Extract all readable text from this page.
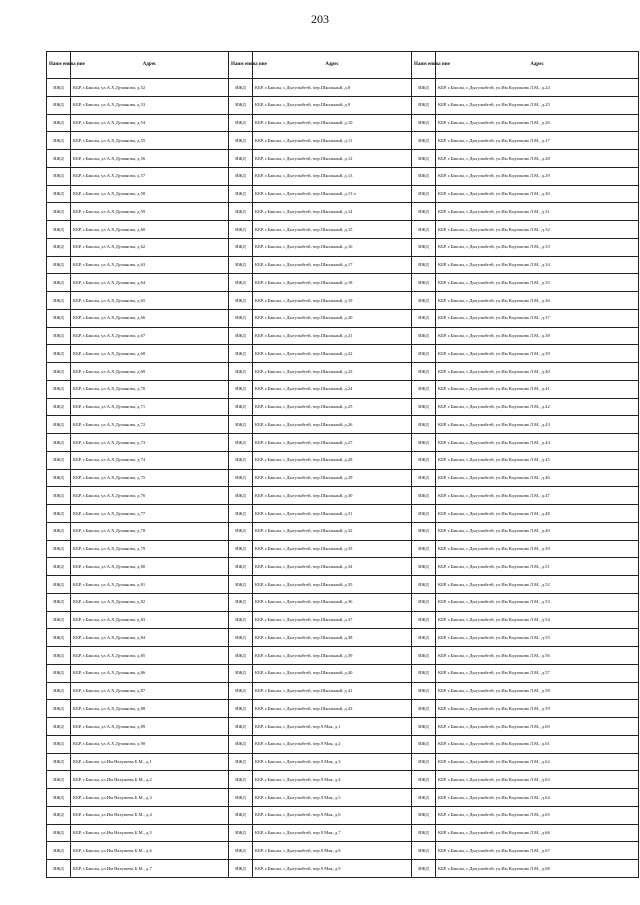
203
Наим енова ние	Адрес	Наим енова ние	Адрес	Наим енова ние	Адрес
ИЖД	КБР, г.Баксан, ул.А.Х.Думанова, д.52	ИЖД	КБР, г.Баксан, с.Дыгулыбгей, пер.Школьный, д.8	ИЖД	КБР, г.Баксан, с.Дыгулыбгей, ул.Им Кодзокова Л.М., д.24
ИЖД	КБР, г.Баксан, ул.А.Х.Думанова, д.53	ИЖД	КБР, г.Баксан, с.Дыгулыбгей, пер.Школьный, д.9	ИЖД	КБР, г.Баксан, с.Дыгулыбгей, ул.Им Кодзокова Л.М., д.25
ИЖД	КБР, г.Баксан, ул.А.Х.Думанова, д.54	ИЖД	КБР, г.Баксан, с.Дыгулыбгей, пер.Школьный, д.10	ИЖД	КБР, г.Баксан, с.Дыгулыбгей, ул.Им Кодзокова Л.М., д.26
ИЖД	КБР, г.Баксан, ул.А.Х.Думанова, д.55	ИЖД	КБР, г.Баксан, с.Дыгулыбгей, пер.Школьный, д.11	ИЖД	КБР, г.Баксан, с.Дыгулыбгей, ул.Им Кодзокова Л.М., д.27
ИЖД	КБР, г.Баксан, ул.А.Х.Думанова, д.56	ИЖД	КБР, г.Баксан, с.Дыгулыбгей, пер.Школьный, д.12	ИЖД	КБР, г.Баксан, с.Дыгулыбгей, ул.Им Кодзокова Л.М., д.28
ИЖД	КБР, г.Баксан, ул.А.Х.Думанова, д.57	ИЖД	КБР, г.Баксан, с.Дыгулыбгей, пер.Школьный, д.13	ИЖД	КБР, г.Баксан, с.Дыгулыбгей, ул.Им Кодзокова Л.М., д.29
ИЖД	КБР, г.Баксан, ул.А.Х.Думанова, д.58	ИЖД	КБР, г.Баксан, с.Дыгулыбгей, пер.Школьный, д.13 а	ИЖД	КБР, г.Баксан, с.Дыгулыбгей, ул.Им Кодзокова Л.М., д.30
ИЖД	КБР, г.Баксан, ул.А.Х.Думанова, д.59	ИЖД	КБР, г.Баксан, с.Дыгулыбгей, пер.Школьный, д.14	ИЖД	КБР, г.Баксан, с.Дыгулыбгей, ул.Им Кодзокова Л.М., д.31
ИЖД	КБР, г.Баксан, ул.А.Х.Думанова, д.60	ИЖД	КБР, г.Баксан, с.Дыгулыбгей, пер.Школьный, д.15	ИЖД	КБР, г.Баксан, с.Дыгулыбгей, ул.Им Кодзокова Л.М., д.32
ИЖД	КБР, г.Баксан, ул.А.Х.Думанова, д.62	ИЖД	КБР, г.Баксан, с.Дыгулыбгей, пер.Школьный, д.16	ИЖД	КБР, г.Баксан, с.Дыгулыбгей, ул.Им Кодзокова Л.М., д.33
ИЖД	КБР, г.Баксан, ул.А.Х.Думанова, д.63	ИЖД	КБР, г.Баксан, с.Дыгулыбгей, пер.Школьный, д.17	ИЖД	КБР, г.Баксан, с.Дыгулыбгей, ул.Им Кодзокова Л.М., д.34
ИЖД	КБР, г.Баксан, ул.А.Х.Думанова, д.64	ИЖД	КБР, г.Баксан, с.Дыгулыбгей, пер.Школьный, д.18	ИЖД	КБР, г.Баксан, с.Дыгулыбгей, ул.Им Кодзокова Л.М., д.35
ИЖД	КБР, г.Баксан, ул.А.Х.Думанова, д.65	ИЖД	КБР, г.Баксан, с.Дыгулыбгей, пер.Школьный, д.19	ИЖД	КБР, г.Баксан, с.Дыгулыбгей, ул.Им Кодзокова Л.М., д.36
ИЖД	КБР, г.Баксан, ул.А.Х.Думанова, д.66	ИЖД	КБР, г.Баксан, с.Дыгулыбгей, пер.Школьный, д.20	ИЖД	КБР, г.Баксан, с.Дыгулыбгей, ул.Им Кодзокова Л.М., д.37
ИЖД	КБР, г.Баксан, ул.А.Х.Думанова, д.67	ИЖД	КБР, г.Баксан, с.Дыгулыбгей, пер.Школьный, д.21	ИЖД	КБР, г.Баксан, с.Дыгулыбгей, ул.Им Кодзокова Л.М., д.38
ИЖД	КБР, г.Баксан, ул.А.Х.Думанова, д.68	ИЖД	КБР, г.Баксан, с.Дыгулыбгей, пер.Школьный, д.22	ИЖД	КБР, г.Баксан, с.Дыгулыбгей, ул.Им Кодзокова Л.М., д.39
ИЖД	КБР, г.Баксан, ул.А.Х.Думанова, д.69	ИЖД	КБР, г.Баксан, с.Дыгулыбгей, пер.Школьный, д.23	ИЖД	КБР, г.Баксан, с.Дыгулыбгей, ул.Им Кодзокова Л.М., д.40
ИЖД	КБР, г.Баксан, ул.А.Х.Думанова, д.70	ИЖД	КБР, г.Баксан, с.Дыгулыбгей, пер.Школьный, д.24	ИЖД	КБР, г.Баксан, с.Дыгулыбгей, ул.Им Кодзокова Л.М., д.41
ИЖД	КБР, г.Баксан, ул.А.Х.Думанова, д.71	ИЖД	КБР, г.Баксан, с.Дыгулыбгей, пер.Школьный, д.25	ИЖД	КБР, г.Баксан, с.Дыгулыбгей, ул.Им Кодзокова Л.М., д.42
ИЖД	КБР, г.Баксан, ул.А.Х.Думанова, д.72	ИЖД	КБР, г.Баксан, с.Дыгулыбгей, пер.Школьный, д.26	ИЖД	КБР, г.Баксан, с.Дыгулыбгей, ул.Им Кодзокова Л.М., д.43
ИЖД	КБР, г.Баксан, ул.А.Х.Думанова, д.73	ИЖД	КБР, г.Баксан, с.Дыгулыбгей, пер.Школьный, д.27	ИЖД	КБР, г.Баксан, с.Дыгулыбгей, ул.Им Кодзокова Л.М., д.44
ИЖД	КБР, г.Баксан, ул.А.Х.Думанова, д.74	ИЖД	КБР, г.Баксан, с.Дыгулыбгей, пер.Школьный, д.28	ИЖД	КБР, г.Баксан, с.Дыгулыбгей, ул.Им Кодзокова Л.М., д.45
ИЖД	КБР, г.Баксан, ул.А.Х.Думанова, д.75	ИЖД	КБР, г.Баксан, с.Дыгулыбгей, пер.Школьный, д.29	ИЖД	КБР, г.Баксан, с.Дыгулыбгей, ул.Им Кодзокова Л.М., д.46
ИЖД	КБР, г.Баксан, ул.А.Х.Думанова, д.76	ИЖД	КБР, г.Баксан, с.Дыгулыбгей, пер.Школьный, д.30	ИЖД	КБР, г.Баксан, с.Дыгулыбгей, ул.Им Кодзокова Л.М., д.47
ИЖД	КБР, г.Баксан, ул.А.Х.Думанова, д.77	ИЖД	КБР, г.Баксан, с.Дыгулыбгей, пер.Школьный, д.31	ИЖД	КБР, г.Баксан, с.Дыгулыбгей, ул.Им Кодзокова Л.М., д.48
ИЖД	КБР, г.Баксан, ул.А.Х.Думанова, д.78	ИЖД	КБР, г.Баксан, с.Дыгулыбгей, пер.Школьный, д.32	ИЖД	КБР, г.Баксан, с.Дыгулыбгей, ул.Им Кодзокова Л.М., д.49
ИЖД	КБР, г.Баксан, ул.А.Х.Думанова, д.79	ИЖД	КБР, г.Баксан, с.Дыгулыбгей, пер.Школьный, д.33	ИЖД	КБР, г.Баксан, с.Дыгулыбгей, ул.Им Кодзокова Л.М., д.50
ИЖД	КБР, г.Баксан, ул.А.Х.Думанова, д.80	ИЖД	КБР, г.Баксан, с.Дыгулыбгей, пер.Школьный, д.34	ИЖД	КБР, г.Баксан, с.Дыгулыбгей, ул.Им Кодзокова Л.М., д.51
ИЖД	КБР, г.Баксан, ул.А.Х.Думанова, д.81	ИЖД	КБР, г.Баксан, с.Дыгулыбгей, пер.Школьный, д.35	ИЖД	КБР, г.Баксан, с.Дыгулыбгей, ул.Им Кодзокова Л.М., д.52
ИЖД	КБР, г.Баксан, ул.А.Х.Думанова, д.82	ИЖД	КБР, г.Баксан, с.Дыгулыбгей, пер.Школьный, д.36	ИЖД	КБР, г.Баксан, с.Дыгулыбгей, ул.Им Кодзокова Л.М., д.53
ИЖД	КБР, г.Баксан, ул.А.Х.Думанова, д.83	ИЖД	КБР, г.Баксан, с.Дыгулыбгей, пер.Школьный, д.37	ИЖД	КБР, г.Баксан, с.Дыгулыбгей, ул.Им Кодзокова Л.М., д.54
ИЖД	КБР, г.Баксан, ул.А.Х.Думанова, д.84	ИЖД	КБР, г.Баксан, с.Дыгулыбгей, пер.Школьный, д.38	ИЖД	КБР, г.Баксан, с.Дыгулыбгей, ул.Им Кодзокова Л.М., д.55
ИЖД	КБР, г.Баксан, ул.А.Х.Думанова, д.85	ИЖД	КБР, г.Баксан, с.Дыгулыбгей, пер.Школьный, д.39	ИЖД	КБР, г.Баксан, с.Дыгулыбгей, ул.Им Кодзокова Л.М., д.56
ИЖД	КБР, г.Баксан, ул.А.Х.Думанова, д.86	ИЖД	КБР, г.Баксан, с.Дыгулыбгей, пер.Школьный, д.40	ИЖД	КБР, г.Баксан, с.Дыгулыбгей, ул.Им Кодзокова Л.М., д.57
ИЖД	КБР, г.Баксан, ул.А.Х.Думанова, д.87	ИЖД	КБР, г.Баксан, с.Дыгулыбгей, пер.Школьный, д.41	ИЖД	КБР, г.Баксан, с.Дыгулыбгей, ул.Им Кодзокова Л.М., д.58
ИЖД	КБР, г.Баксан, ул.А.Х.Думанова, д.88	ИЖД	КБР, г.Баксан, с.Дыгулыбгей, пер.Школьный, д.43	ИЖД	КБР, г.Баксан, с.Дыгулыбгей, ул.Им Кодзокова Л.М., д.59
ИЖД	КБР, г.Баксан, ул.А.Х.Думанова, д.89	ИЖД	КБР, г.Баксан, с.Дыгулыбгей, пер.9 Мая, д.1	ИЖД	КБР, г.Баксан, с.Дыгулыбгей, ул.Им Кодзокова Л.М., д.60
ИЖД	КБР, г.Баксан, ул.А.Х.Думанова, д.90	ИЖД	КБР, г.Баксан, с.Дыгулыбгей, пер.9 Мая, д.2	ИЖД	КБР, г.Баксан, с.Дыгулыбгей, ул.Им Кодзокова Л.М., д.61
ИЖД	КБР, г.Баксан, ул.Им Нахушева Б.М., д.1	ИЖД	КБР, г.Баксан, с.Дыгулыбгей, пер.9 Мая, д.3	ИЖД	КБР, г.Баксан, с.Дыгулыбгей, ул.Им Кодзокова Л.М., д.62
ИЖД	КБР, г.Баксан, ул.Им Нахушева Б.М., д.2	ИЖД	КБР, г.Баксан, с.Дыгулыбгей, пер.9 Мая, д.4	ИЖД	КБР, г.Баксан, с.Дыгулыбгей, ул.Им Кодзокова Л.М., д.63
ИЖД	КБР, г.Баксан, ул.Им Нахушева Б.М., д.3	ИЖД	КБР, г.Баксан, с.Дыгулыбгей, пер.9 Мая, д.5	ИЖД	КБР, г.Баксан, с.Дыгулыбгей, ул.Им Кодзокова Л.М., д.64
ИЖД	КБР, г.Баксан, ул.Им Нахушева Б.М., д.4	ИЖД	КБР, г.Баксан, с.Дыгулыбгей, пер.9 Мая, д.6	ИЖД	КБР, г.Баксан, с.Дыгулыбгей, ул.Им Кодзокова Л.М., д.65
ИЖД	КБР, г.Баксан, ул.Им Нахушева Б.М., д.5	ИЖД	КБР, г.Баксан, с.Дыгулыбгей, пер.9 Мая, д.7	ИЖД	КБР, г.Баксан, с.Дыгулыбгей, ул.Им Кодзокова Л.М., д.66
ИЖД	КБР, г.Баксан, ул.Им Нахушева Б.М., д.6	ИЖД	КБР, г.Баксан, с.Дыгулыбгей, пер.9 Мая, д.8	ИЖД	КБР, г.Баксан, с.Дыгулыбгей, ул.Им Кодзокова Л.М., д.67
ИЖД	КБР, г.Баксан, ул.Им Нахушева Б.М., д.7	ИЖД	КБР, г.Баксан, с.Дыгулыбгей, пер.9 Мая, д.9	ИЖД	КБР, г.Баксан, с.Дыгулыбгей, ул.Им Кодзокова Л.М., д.68
